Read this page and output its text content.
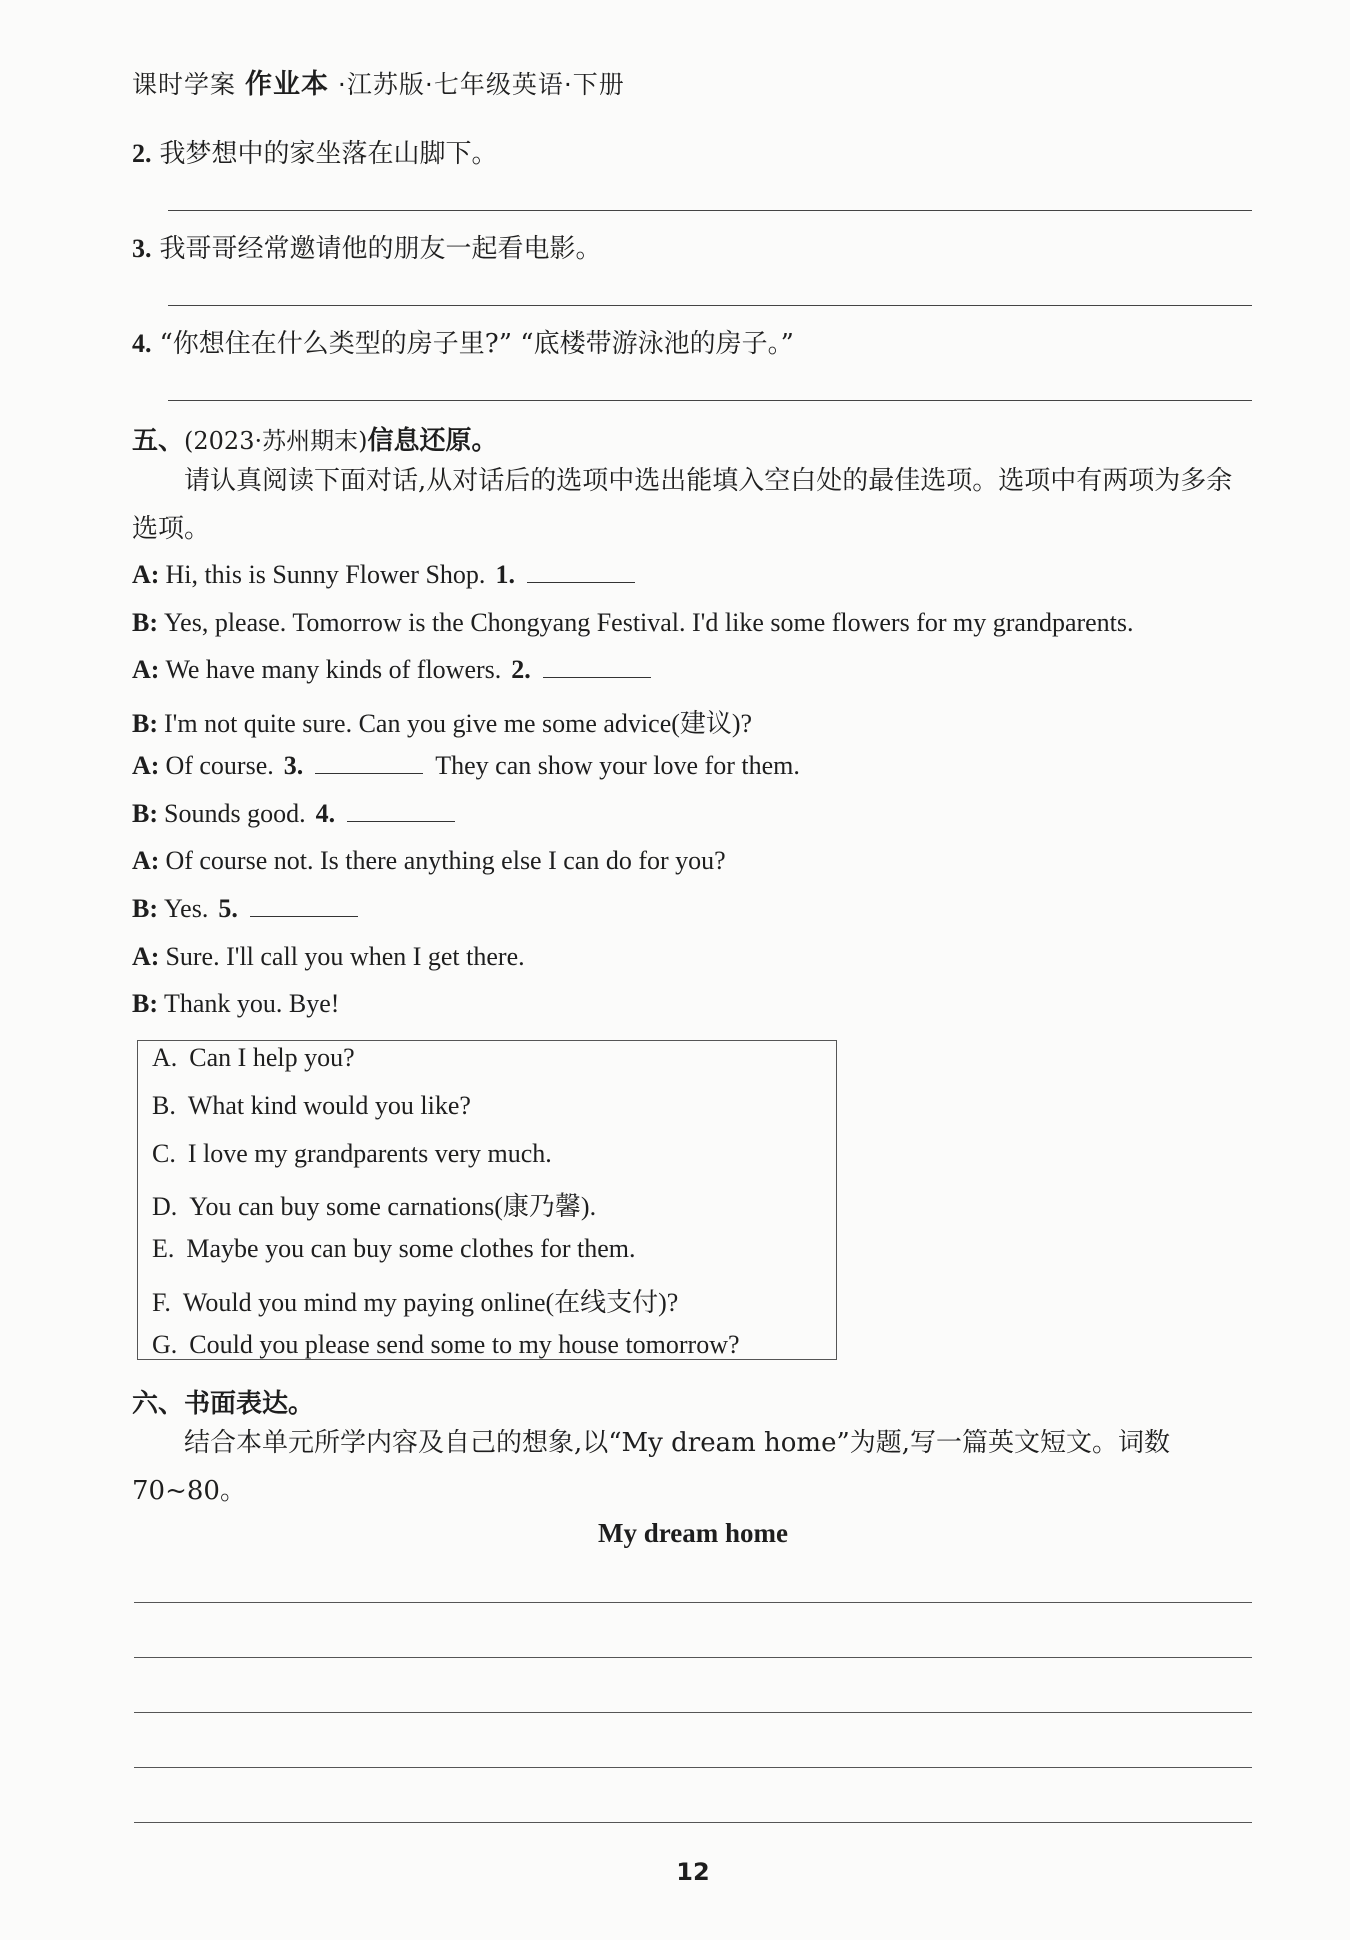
课时学案 作业本 ·江苏版·七年级英语·下册
2. 我梦想中的家坐落在山脚下。
3. 我哥哥经常邀请他的朋友一起看电影。
4. “你想住在什么类型的房子里?” “底楼带游泳池的房子。”
五、(2023·苏州期末)信息还原。
请认真阅读下面对话,从对话后的选项中选出能填入空白处的最佳选项。选项中有两项为多余选项。
A: Hi, this is Sunny Flower Shop. 1.
B: Yes, please. Tomorrow is the Chongyang Festival. I'd like some flowers for my grandparents.
A: We have many kinds of flowers. 2.
B: I'm not quite sure. Can you give me some advice(建议)?
A: Of course. 3.	They can show your love for them.
B: Sounds good. 4.
A: Of course not. Is there anything else I can do for you?
B: Yes. 5.
A: Sure. I'll call you when I get there.
B: Thank you. Bye!
A. Can I help you?
B. What kind would you like?
C. I love my grandparents very much.
D. You can buy some carnations(康乃馨).
E. Maybe you can buy some clothes for them.
F. Would you mind my paying online(在线支付)?
G. Could you please send some to my house tomorrow?
六、书面表达。
结合本单元所学内容及自己的想象,以“My dream home”为题,写一篇英文短文。词数70~80。
My dream home
12
